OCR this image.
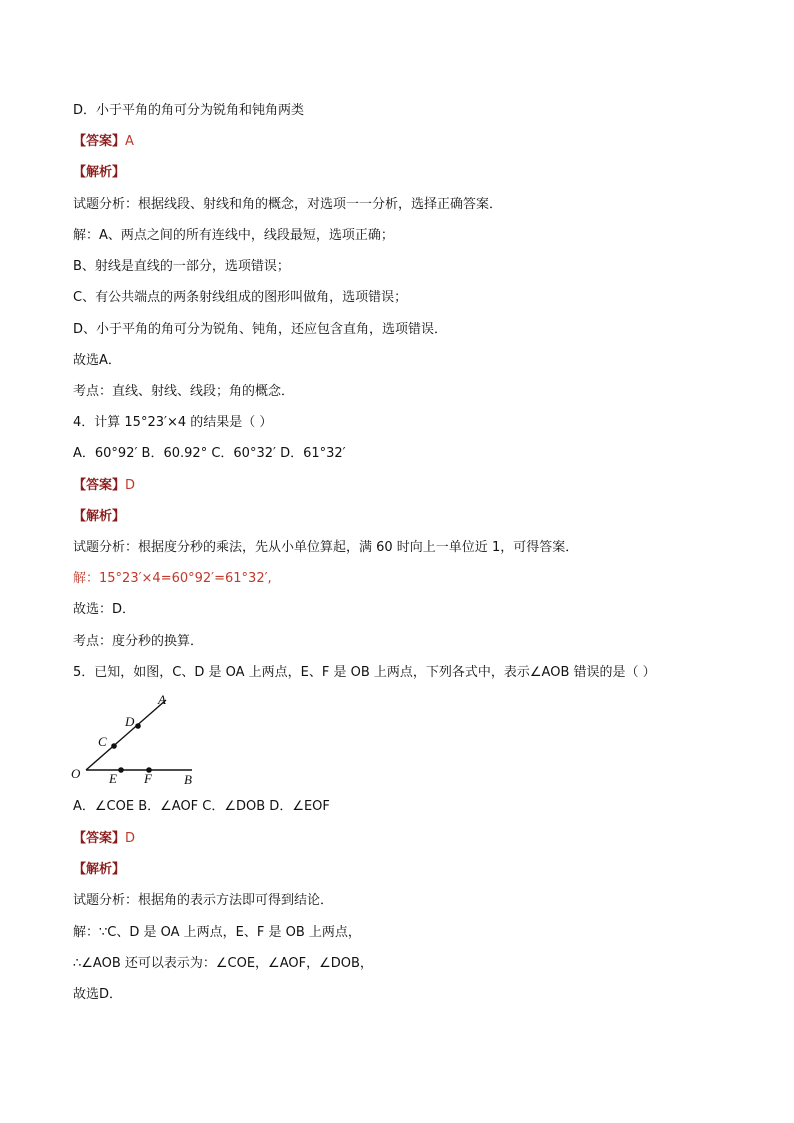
D．小于平角的角可分为锐角和钝角两类
【答案】A
【解析】
试题分析：根据线段、射线和角的概念，对选项一一分析，选择正确答案．
解：A、两点之间的所有连线中，线段最短，选项正确；
B、射线是直线的一部分，选项错误；
C、有公共端点的两条射线组成的图形叫做角，选项错误；
D、小于平角的角可分为锐角、钝角，还应包含直角，选项错误．
故选A．
考点：直线、射线、线段；角的概念．
4．计算 15°23′×4 的结果是（ ）
A．60°92′ B．60.92° C．60°32′ D．61°32′
【答案】D
【解析】
试题分析：根据度分秒的乘法，先从小单位算起，满 60 时向上一单位近 1，可得答案．
解：15°23′×4=60°92′=61°32′,
故选：D．
考点：度分秒的换算．
5．已知，如图，C、D 是 OA 上两点，E、F 是 OB 上两点，下列各式中，表示∠AOB 错误的是（ ）
O
A
B
C
D
E F
A．∠COE B．∠AOF C．∠DOB D．∠EOF
【答案】D
【解析】
试题分析：根据角的表示方法即可得到结论．
解：∵C、D 是 OA 上两点，E、F 是 OB 上两点，
∴∠AOB 还可以表示为：∠COE，∠AOF，∠DOB，
故选D．
